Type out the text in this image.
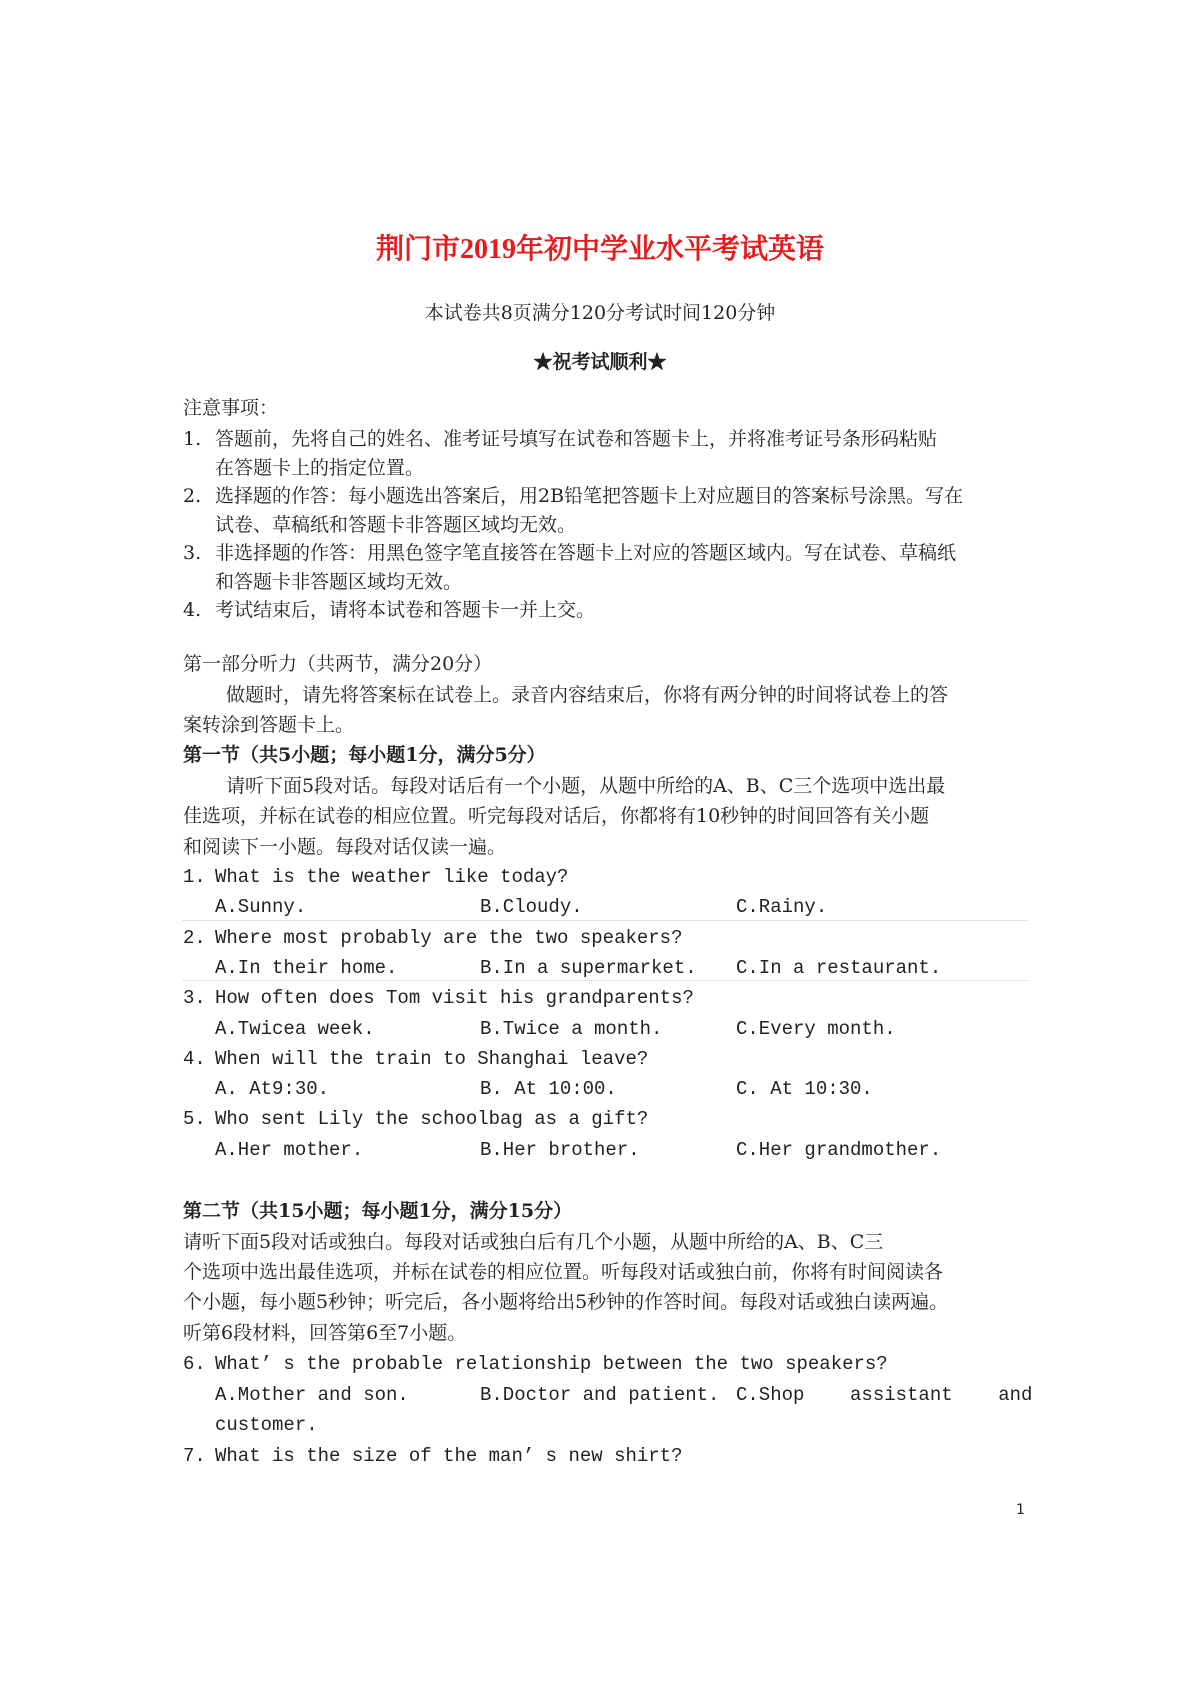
荆门市2019年初中学业水平考试英语
本试卷共8页满分120分考试时间120分钟
★祝考试顺利★
注意事项：
1. 答题前，先将自己的姓名、准考证号填写在试卷和答题卡上，并将准考证号条形码粘贴
在答题卡上的指定位置。
2. 选择题的作答：每小题选出答案后，用2B铅笔把答题卡上对应题目的答案标号涂黑。写在
试卷、草稿纸和答题卡非答题区域均无效。
3. 非选择题的作答：用黑色签字笔直接答在答题卡上对应的答题区域内。写在试卷、草稿纸
和答题卡非答题区域均无效。
4. 考试结束后，请将本试卷和答题卡一并上交。
第一部分听力（共两节，满分20分）
做题时，请先将答案标在试卷上。录音内容结束后，你将有两分钟的时间将试卷上的答
案转涂到答题卡上。
第一节（共5小题；每小题1分，满分5分）
请听下面5段对话。每段对话后有一个小题，从题中所给的A、B、C三个选项中选出最
佳选项，并标在试卷的相应位置。听完每段对话后，你都将有10秒钟的时间回答有关小题
和阅读下一小题。每段对话仅读一遍。
1. What is the weather like today?
A.Sunny.	B.Cloudy.	C.Rainy.
2. Where most probably are the two speakers?
A.In their home.	B.In a supermarket. C.In a restaurant.
3. How often does Tom visit his grandparents?
A.Twicea week.	B.Twice a month.	C.Every month.
4. When will the train to Shanghai leave?
A. At9:30.	B. At 10:00.	C. At 10:30.
5. Who sent Lily the schoolbag as a gift?
A.Her mother.	B.Her brother.	C.Her grandmother.
第二节（共15小题；每小题1分，满分15分）
请听下面5段对话或独白。每段对话或独白后有几个小题，从题中所给的A、B、C三
个选项中选出最佳选项，并标在试卷的相应位置。听每段对话或独白前，你将有时间阅读各
个小题，每小题5秒钟；听完后，各小题将给出5秒钟的作答时间。每段对话或独白读两遍。
听第6段材料，回答第6至7小题。
6. What’ s the probable relationship between the two speakers?
A.Mother and son.	B.Doctor and patient. C.Shop    assistant    and
customer.
7. What is the size of the man’ s new shirt?
1
